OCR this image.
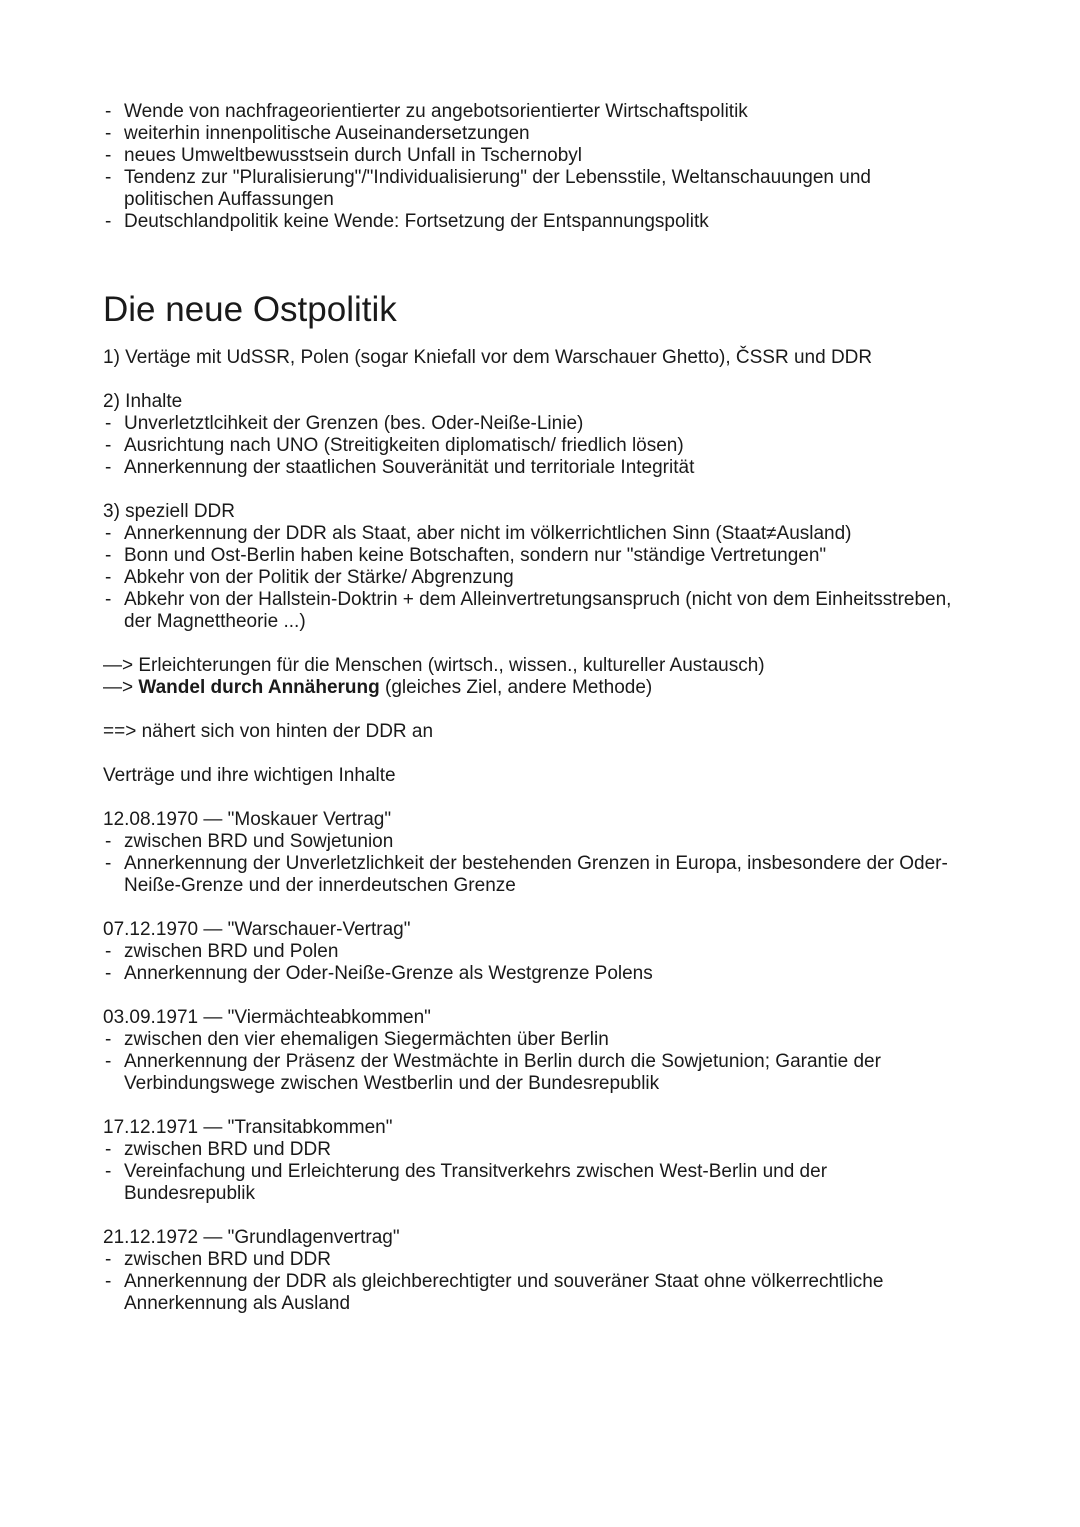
- Wende von nachfrageorientierter zu angebotsorientierter Wirtschaftspolitik
- weiterhin innenpolitische Auseinandersetzungen
- neues Umweltbewusstsein durch Unfall in Tschernobyl
- Tendenz zur "Pluralisierung"/"Individualisierung" der Lebensstile, Weltanschauungen und politischen Auffassungen
- Deutschlandpolitik keine Wende: Fortsetzung der Entspannungspolitk
Die neue Ostpolitik

1) Vertäge mit UdSSR, Polen (sogar Kniefall vor dem Warschauer Ghetto), ČSSR und DDR

2) Inhalte

- Unverletztlcihkeit der Grenzen (bes. Oder-Neiße-Linie)
- Ausrichtung nach UNO (Streitigkeiten diplomatisch/ friedlich lösen)
- Annerkennung der staatlichen Souveränität und territoriale Integrität

3) speziell DDR

- Annerkennung der DDR als Staat, aber nicht im völkerrichtlichen Sinn (Staat≠Ausland)
- Bonn und Ost-Berlin haben keine Botschaften, sondern nur "ständige Vertretungen"
- Abkehr von der Politik der Stärke/ Abgrenzung
- Abkehr von der Hallstein-Doktrin + dem Alleinvertretungsanspruch (nicht von dem Einheitsstreben, der Magnettheorie ...)

—> Erleichterungen für die Menschen (wirtsch., wissen., kultureller Austausch)

—> Wandel durch Annäherung (gleiches Ziel, andere Methode)

==> nähert sich von hinten der DDR an

Verträge und ihre wichtigen Inhalte

12.08.1970 — "Moskauer Vertrag"

- zwischen BRD und Sowjetunion
- Annerkennung der Unverletzlichkeit der bestehenden Grenzen in Europa, insbesondere der Oder-Neiße-Grenze und der innerdeutschen Grenze

07.12.1970 — "Warschauer-Vertrag"

- zwischen BRD und Polen
- Annerkennung der Oder-Neiße-Grenze als Westgrenze Polens

03.09.1971 — "Viermächteabkommen"

- zwischen den vier ehemaligen Siegermächten über Berlin
- Annerkennung der Präsenz der Westmächte in Berlin durch die Sowjetunion; Garantie der Verbindungswege zwischen Westberlin und der Bundesrepublik

17.12.1971 — "Transitabkommen"

- zwischen BRD und DDR
- Vereinfachung und Erleichterung des Transitverkehrs zwischen West-Berlin und der Bundesrepublik

21.12.1972 — "Grundlagenvertrag"

- zwischen BRD und DDR
- Annerkennung der DDR als gleichberechtigter und souveräner Staat ohne völkerrechtliche Annerkennung als Ausland
